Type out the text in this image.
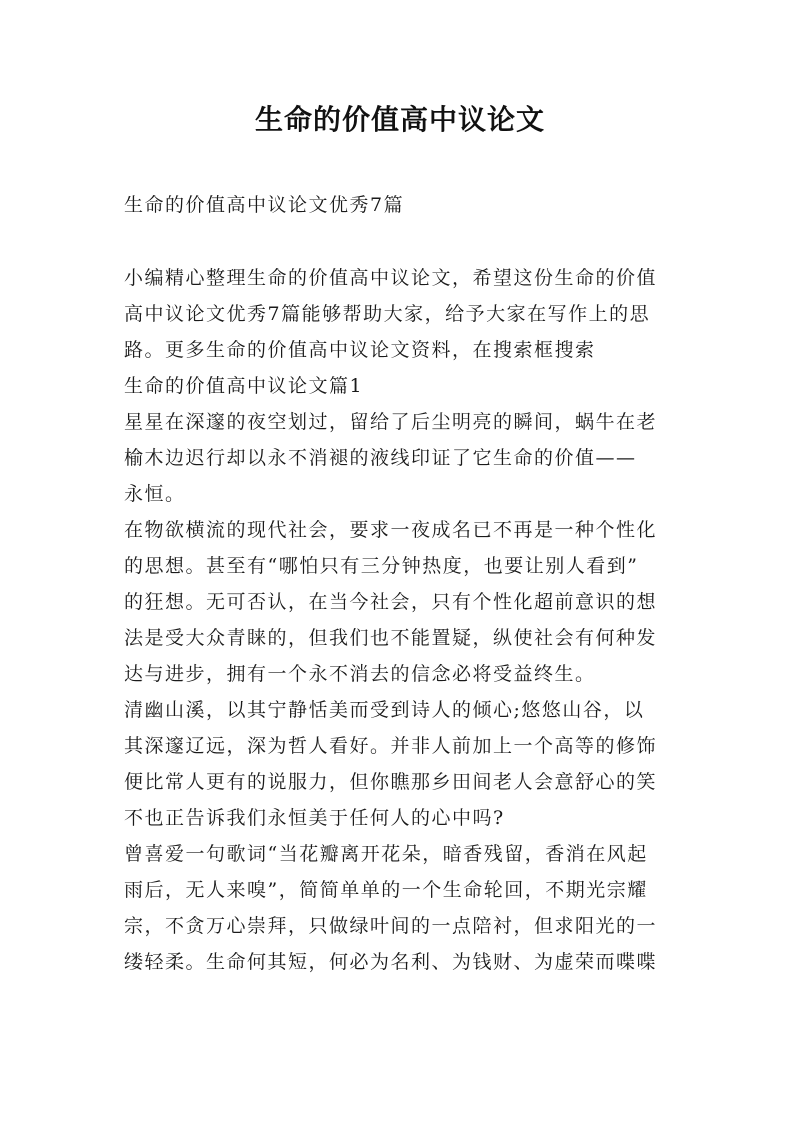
生命的价值高中议论文

生命的价值高中议论文优秀7篇

小编精心整理生命的价值高中议论文，希望这份生命的价值

高中议论文优秀7篇能够帮助大家，给予大家在写作上的思

路。更多生命的价值高中议论文资料，在搜索框搜索

生命的价值高中议论文篇1

星星在深邃的夜空划过，留给了后尘明亮的瞬间，蜗牛在老

榆木边迟行却以永不消褪的液线印证了它生命的价值——

永恒。

在物欲横流的现代社会，要求一夜成名已不再是一种个性化

的思想。甚至有“哪怕只有三分钟热度，也要让别人看到”

的狂想。无可否认，在当今社会，只有个性化超前意识的想

法是受大众青睐的，但我们也不能置疑，纵使社会有何种发

达与进步，拥有一个永不消去的信念必将受益终生。

清幽山溪，以其宁静恬美而受到诗人的倾心;悠悠山谷，以

其深邃辽远，深为哲人看好。并非人前加上一个高等的修饰

便比常人更有的说服力，但你瞧那乡田间老人会意舒心的笑

不也正告诉我们永恒美于任何人的心中吗?

曾喜爱一句歌词“当花瓣离开花朵，暗香残留，香消在风起

雨后，无人来嗅”，简简单单的一个生命轮回，不期光宗耀

宗，不贪万心崇拜，只做绿叶间的一点陪衬，但求阳光的一

缕轻柔。生命何其短，何必为名利、为钱财、为虚荣而喋喋
